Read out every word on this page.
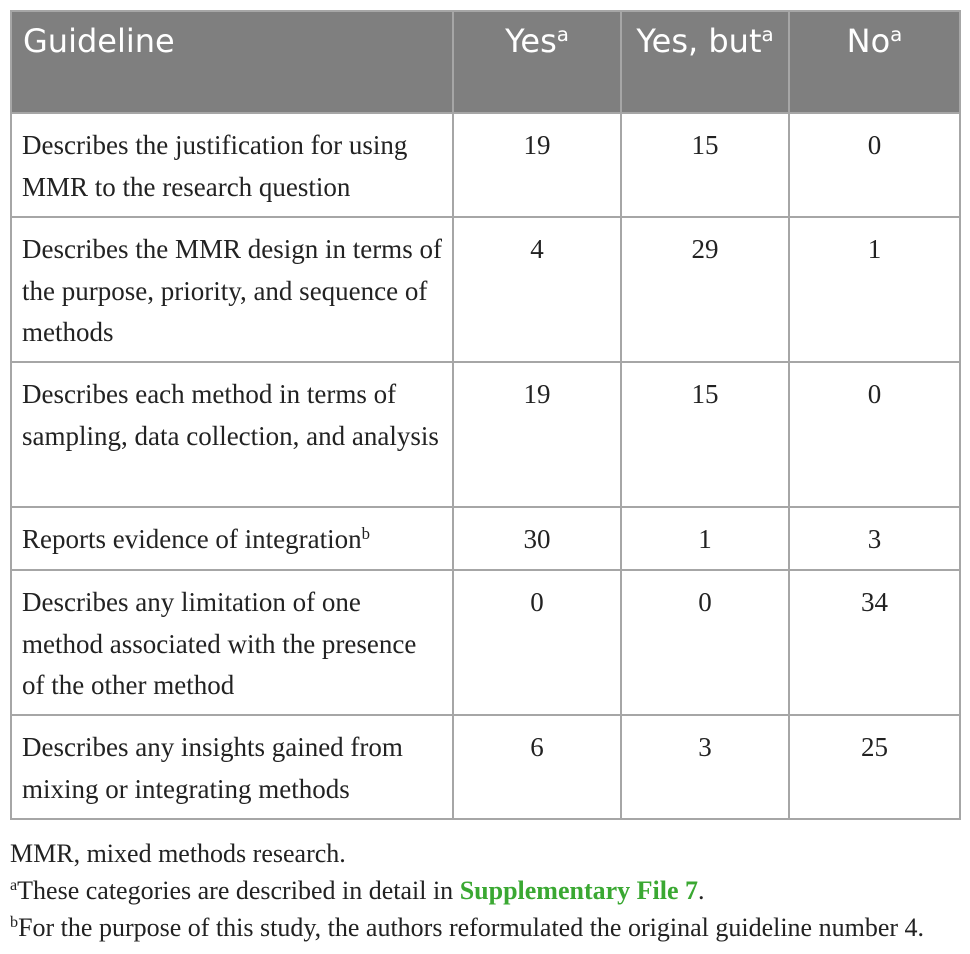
Guideline	Yes$^a$	Yes, but$^a$	No$^a$
Describes the justification for using MMR to the research question	19	15	0
Describes the MMR design in terms of the purpose, priority, and sequence of methods	4	29	1
Describes each method in terms of sampling, data collection, and analysis	19	15	0
Reports evidence of integration$^b$	30	1	3
Describes any limitation of one method associated with the presence of the other method	0	0	34
Describes any insights gained from mixing or integrating methods	6	3	25
MMR, mixed methods research.
$^a$These categories are described in detail in Supplementary File 7.
$^b$For the purpose of this study, the authors reformulated the original guideline number 4.
